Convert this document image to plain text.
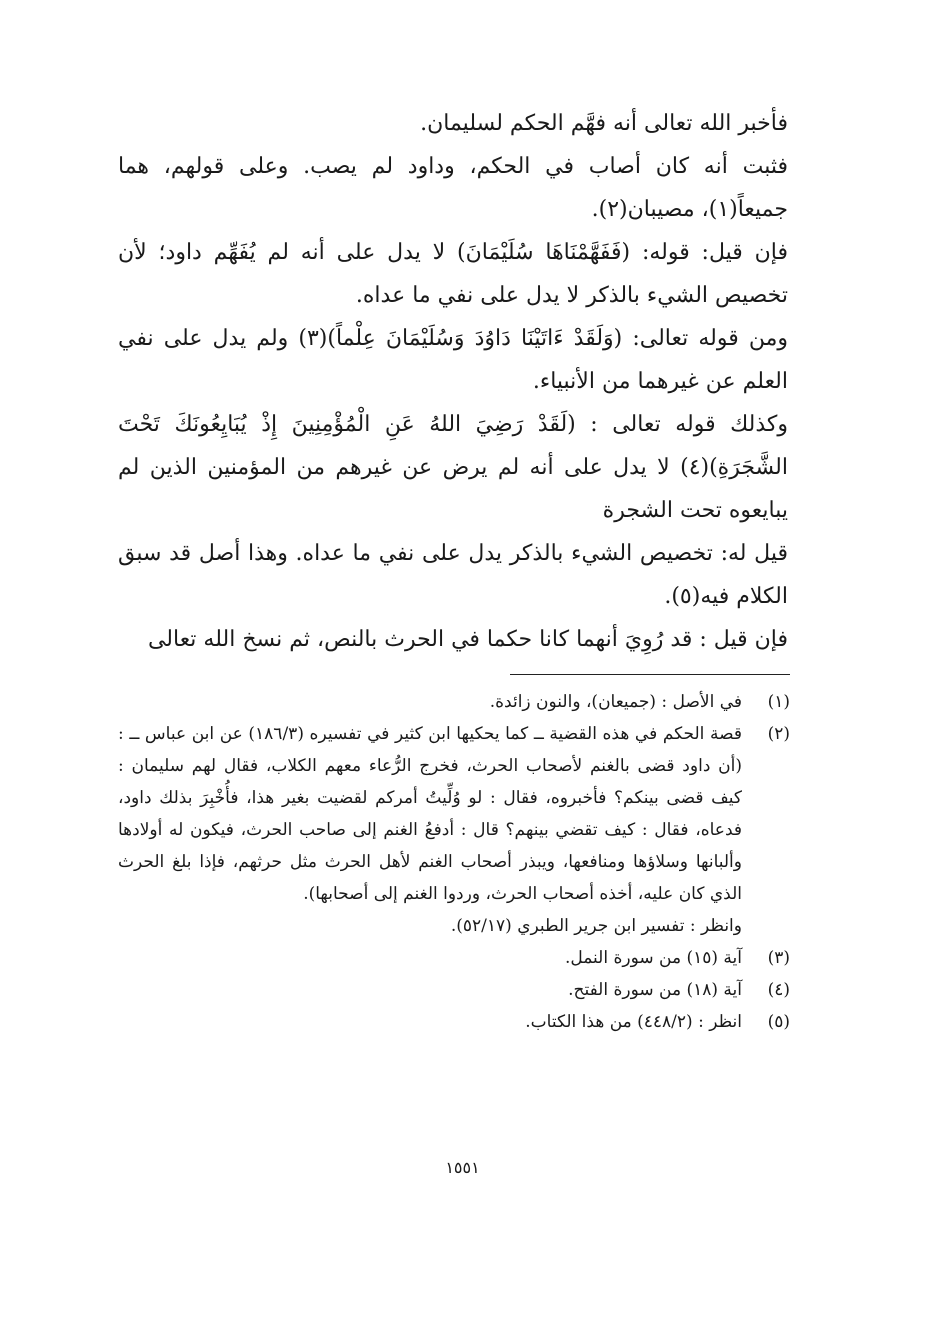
فأخبر الله تعالى أنه فهَّم الحكم لسليمان.

فثبت أنه كان أصاب في الحكم، وداود لم يصب. وعلى قولهم، هما جميعاً(١)، مصيبان(٢).

فإن قيل: قوله: (فَفَهَّمْنَاهَا سُلَيْمَانَ) لا يدل على أنه لم يُفَهِّم داود؛ لأن تخصيص الشيء بالذكر لا يدل على نفي ما عداه.

ومن قوله تعالى: (وَلَقَدْ ءَاتَيْنَا دَاوُدَ وَسُلَيْمَانَ عِلْماً)(٣) ولم يدل على نفي العلم عن غيرهما من الأنبياء.

وكذلك قوله تعالى : (لَقَدْ رَضِيَ اللهُ عَنِ الْمُؤْمِنِينَ إِذْ يُبَايِعُونَكَ تَحْتَ الشَّجَرَةِ)(٤) لا يدل على أنه لم يرض عن غيرهم من المؤمنين الذين لم يبايعوه تحت الشجرة

قيل له: تخصيص الشيء بالذكر يدل على نفي ما عداه. وهذا أصل قد سبق الكلام فيه(٥).

فإن قيل : قد رُوِيَ أنهما كانا حكما في الحرث بالنص، ثم نسخ الله تعالى

(١)

في الأصل : (جميعان)، والنون زائدة.

(٢)

قصة الحكم في هذه القضية ــ كما يحكيها ابن كثير في تفسيره (١٨٦/٣) عن ابن عباس ــ :(أن داود قضى بالغنم لأصحاب الحرث، فخرج الرُّعاء معهم الكلاب، فقال لهم سليمان : كيف قضى بينكم؟ فأخبروه، فقال : لو وُلِّيتُ أمركم لقضيت بغير هذا، فأُخْبِرَ بذلك داود، فدعاه، فقال : كيف تقضي بينهم؟ قال : أدفعُ الغنم إلى صاحب الحرث، فيكون له أولادها وألبانها وسلاؤها ومنافعها، ويبذر أصحاب الغنم لأهل الحرث مثل حرثهم، فإذا بلغ الحرث الذي كان عليه، أخذه أصحاب الحرث، وردوا الغنم إلى أصحابها).

وانظر : تفسير ابن جرير الطبري (٥٢/١٧).

(٣)

آية (١٥) من سورة النمل.

(٤)

آية (١٨) من سورة الفتح.

(٥)

انظر : (٤٤٨/٢) من هذا الكتاب.

١٥٥١
